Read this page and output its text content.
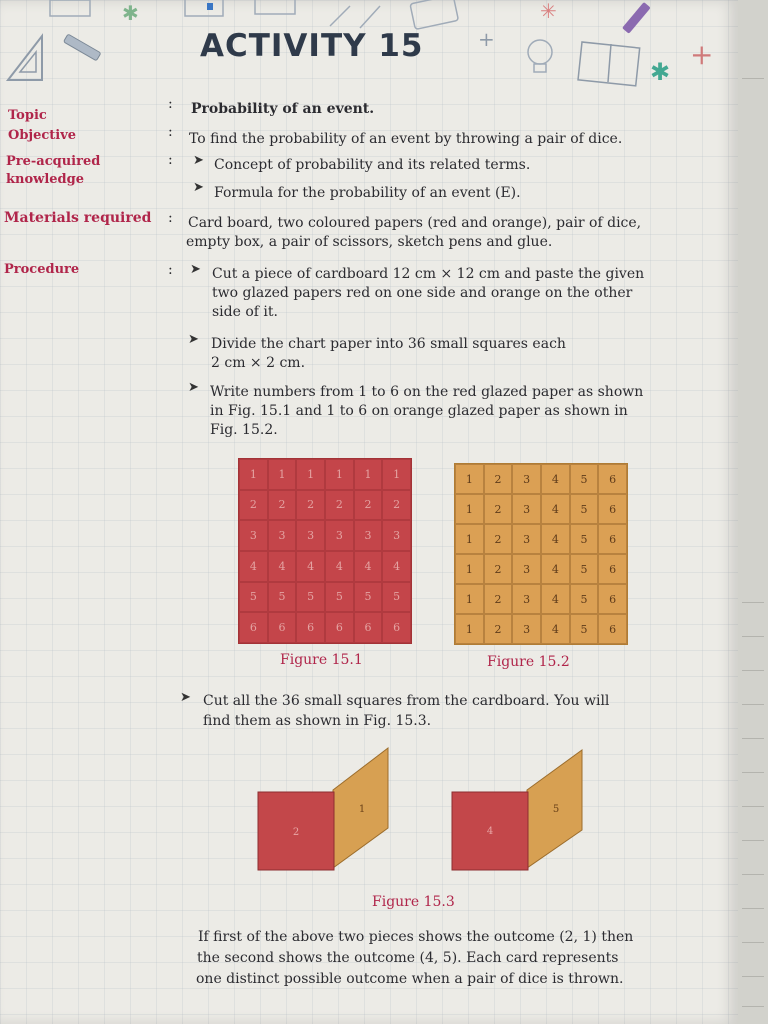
✱	✳
+	+
✱
ACTIVITY 15
Topic
: Probability of an event.
Objective	: To find the probability of an event by throwing a pair of dice.
Pre-acquired
knowledge
: ➤ Concept of probability and its related terms.
➤ Formula for the probability of an event (E).
Materials required : Card board, two coloured papers (red and orange), pair of dice,
empty box, a pair of scissors, sketch pens and glue.
Procedure	: ➤ Cut a piece of cardboard 12 cm × 12 cm and paste the given
two glazed papers red on one side and orange on the other
side of it.
➤ Divide the chart paper into 36 small squares each
2 cm × 2 cm.
➤ Write numbers from 1 to 6 on the red glazed paper as shown
in Fig. 15.1 and 1 to 6 on orange glazed paper as shown in
Fig. 15.2.
1	1	1	1	1	1
2	2	2	2	2	2
3	3	3	3	3	3
4	4	4	4	4	4
5	5	5	5	5	5
6	6	6	6	6	6
Figure 15.1
1	2	3	4	5	6
1	2	3	4	5	6
1	2	3	4	5	6
1	2	3	4	5	6
1	2	3	4	5	6
1	2	3	4	5	6
Figure 15.2
➤ Cut all the 36 small squares from the cardboard. You will
find them as shown in Fig. 15.3.
2
1
4
5
Figure 15.3
If first of the above two pieces shows the outcome (2, 1) then
the second shows the outcome (4, 5). Each card represents
one distinct possible outcome when a pair of dice is thrown.
